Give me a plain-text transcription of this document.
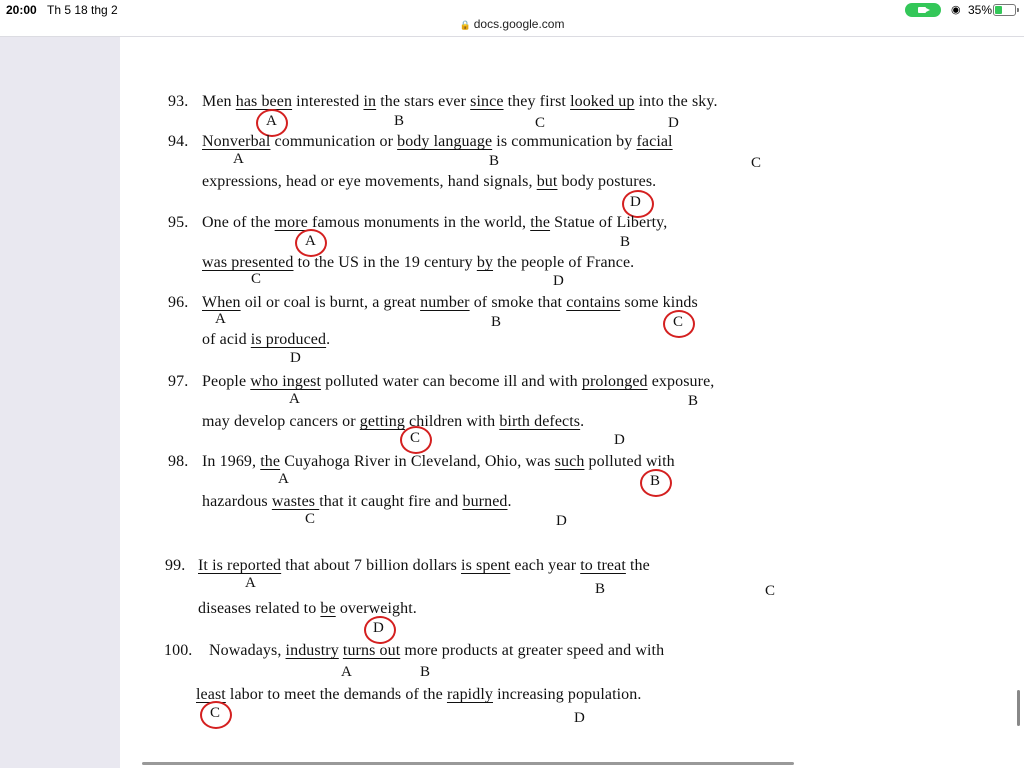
20:00 Th 5 18 thg 2
🔒 docs.google.com
◉ 35%
93. Men has been interested in the stars ever since they first looked up into the sky.
A	B	C	D
94. Nonverbal communication or body language is communication by facial
expressions, head or eye movements, hand signals, but body postures.
A	B	C
D
95. One of the more famous monuments in the world, the Statue of Liberty,
was presented to the US in the 19 century by the people of France.
A	B
C	D
96. When oil or coal is burnt, a great number of smoke that contains some kinds
of acid is produced.
A	B	C
D
97. People who ingest polluted water can become ill and with prolonged exposure,
may develop cancers or getting children with birth defects.
A	B
C	D
98. In 1969, the Cuyahoga River in Cleveland, Ohio, was such polluted with
hazardous wastes that it caught fire and burned.
A	B
C	D
99. It is reported that about 7 billion dollars is spent each year to treat the
diseases related to be overweight.
A	B	C
D
100. Nowadays, industry turns out more products at greater speed and with
least labor to meet the demands of the rapidly increasing population.
A	B
C	D
